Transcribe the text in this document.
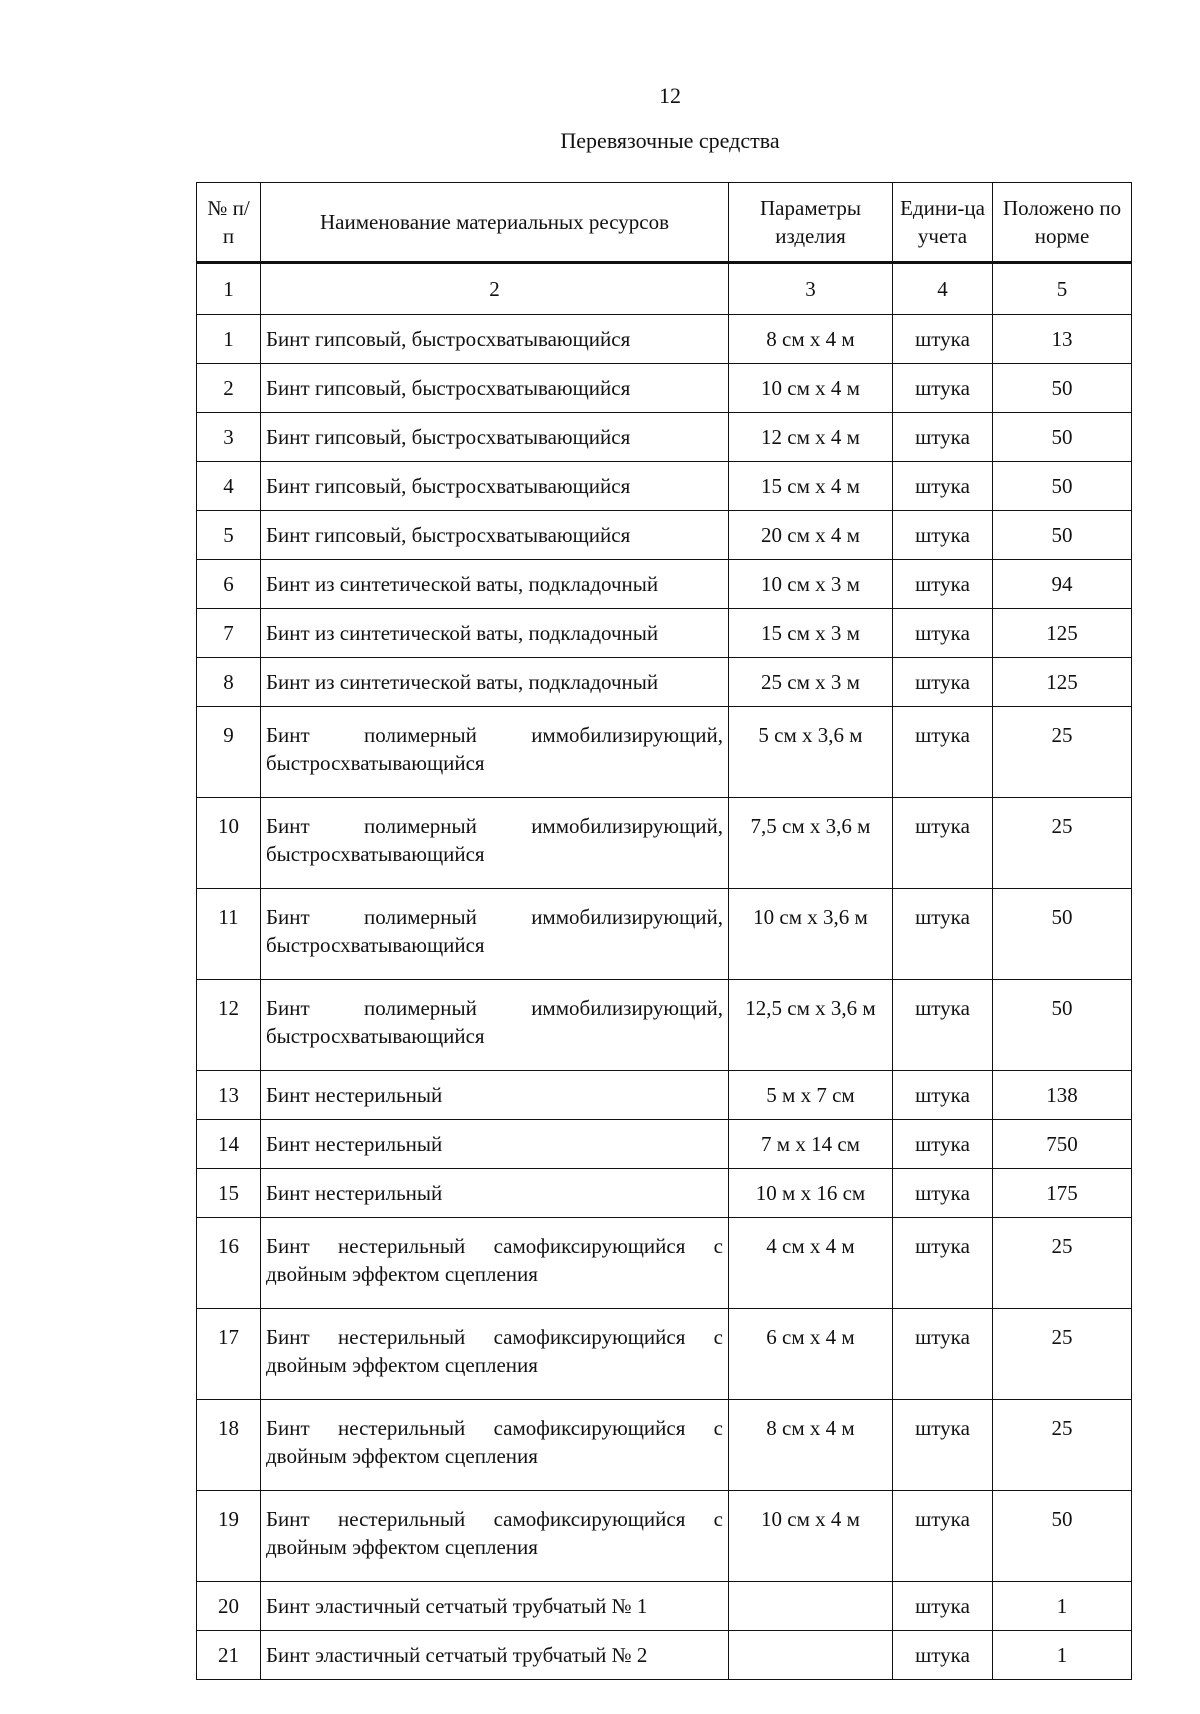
12
Перевязочные средства
№ п/п	Наименование материальных ресурсов	Параметры изделия	Едини-ца учета	Положено по норме
1	2	3	4	5
1	Бинт гипсовый, быстросхватывающийся	8 см x 4 м	штука	13
2	Бинт гипсовый, быстросхватывающийся	10 см x 4 м	штука	50
3	Бинт гипсовый, быстросхватывающийся	12 см x 4 м	штука	50
4	Бинт гипсовый, быстросхватывающийся	15 см x 4 м	штука	50
5	Бинт гипсовый, быстросхватывающийся	20 см x 4 м	штука	50
6	Бинт из синтетической ваты, подкладочный	10 см x 3 м	штука	94
7	Бинт из синтетической ваты, подкладочный	15 см x 3 м	штука	125
8	Бинт из синтетической ваты, подкладочный	25 см x 3 м	штука	125
9	Бинт полимерный иммобилизирующий, быстросхватывающийся	5 см x 3,6 м	штука	25
10	Бинт полимерный иммобилизирующий, быстросхватывающийся	7,5 см x 3,6 м	штука	25
11	Бинт полимерный иммобилизирующий, быстросхватывающийся	10 см x 3,6 м	штука	50
12	Бинт полимерный иммобилизирующий, быстросхватывающийся	12,5 см x 3,6 м	штука	50
13	Бинт нестерильный	5 м x 7 см	штука	138
14	Бинт нестерильный	7 м x 14 см	штука	750
15	Бинт нестерильный	10 м x 16 см	штука	175
16	Бинт нестерильный самофиксирующийся с двойным эффектом сцепления	4 см x 4 м	штука	25
17	Бинт нестерильный самофиксирующийся с двойным эффектом сцепления	6 см x 4 м	штука	25
18	Бинт нестерильный самофиксирующийся с двойным эффектом сцепления	8 см x 4 м	штука	25
19	Бинт нестерильный самофиксирующийся с двойным эффектом сцепления	10 см x 4 м	штука	50
20	Бинт эластичный сетчатый трубчатый № 1		штука	1
21	Бинт эластичный сетчатый трубчатый № 2		штука	1
